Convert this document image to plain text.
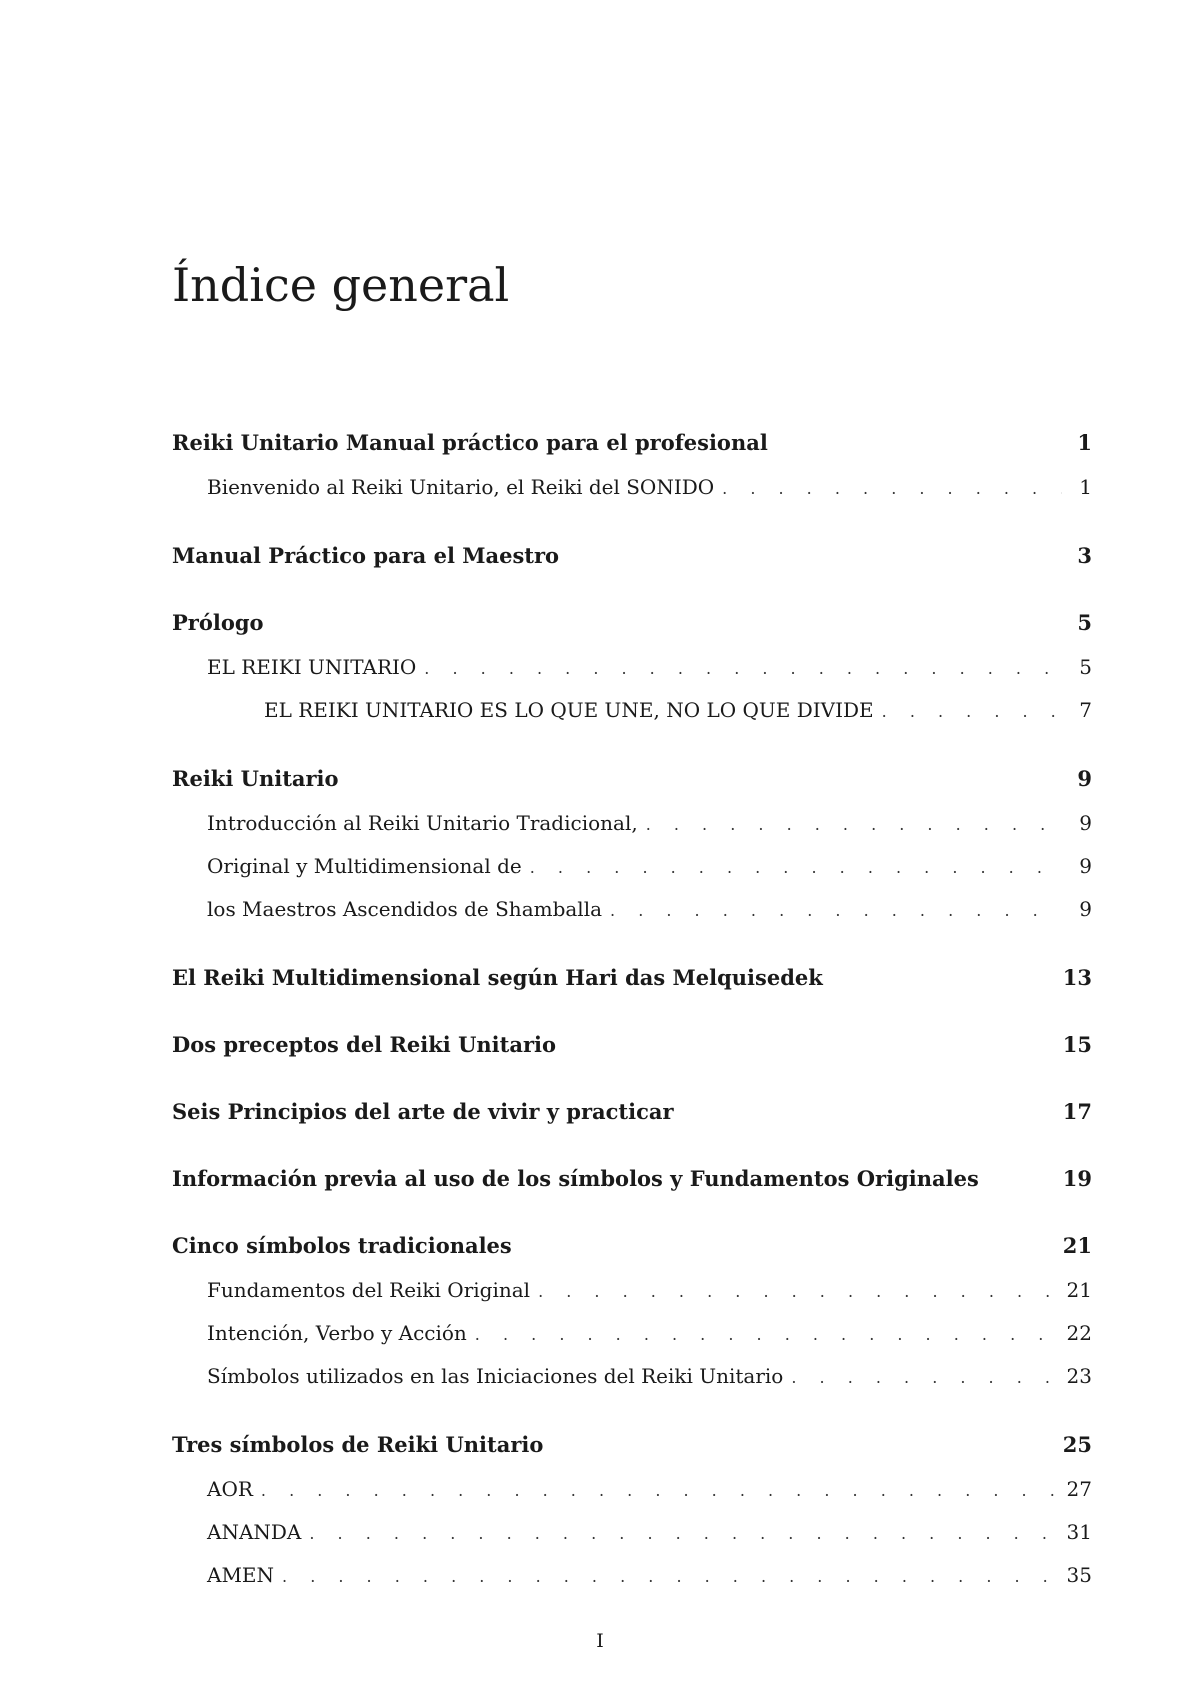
Índice general
Reiki Unitario Manual práctico para el profesional	1
Bienvenido al Reiki Unitario, el Reiki del SONIDO . . .	1
Manual Práctico para el Maestro	3
Prólogo	5
EL REIKI UNITARIO . . .	5
EL REIKI UNITARIO ES LO QUE UNE, NO LO QUE DIVIDE . . .	7
Reiki Unitario	9
Introducción al Reiki Unitario Tradicional, . . .	9
Original y Multidimensional de . . .	9
los Maestros Ascendidos de Shamballa . . .	9
El Reiki Multidimensional según Hari das Melquisedek	13
Dos preceptos del Reiki Unitario	15
Seis Principios del arte de vivir y practicar	17
Información previa al uso de los símbolos y Fundamentos Originales	19
Cinco símbolos tradicionales	21
Fundamentos del Reiki Original . . .	21
Intención, Verbo y Acción . . .	22
Símbolos utilizados en las Iniciaciones del Reiki Unitario . . .	23
Tres símbolos de Reiki Unitario	25
AOR . . .	27
ANANDA . . .	31
AMEN . . .	35
I
